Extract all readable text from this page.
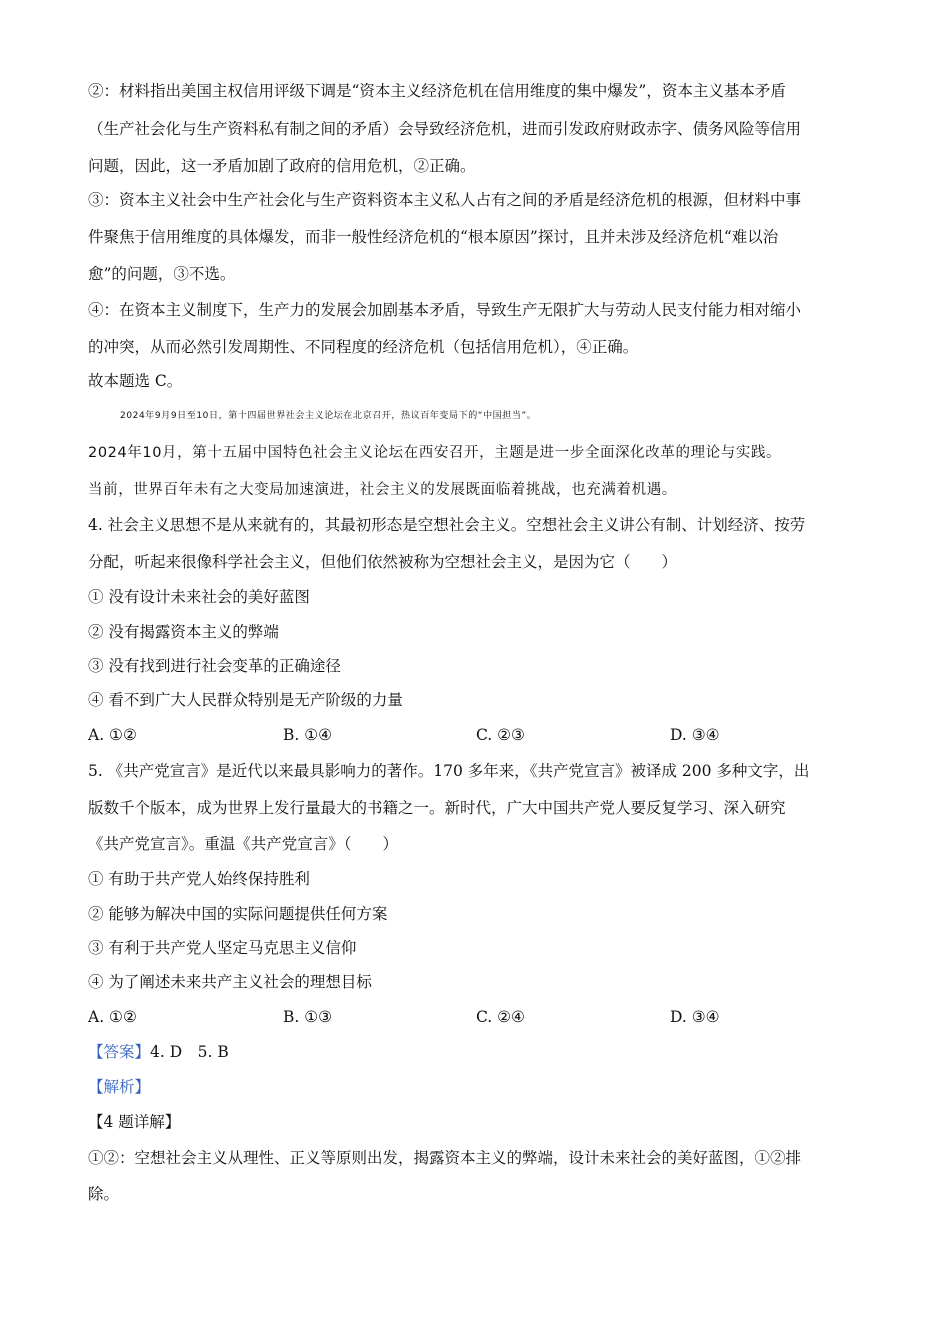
②：材料指出美国主权信用评级下调是“资本主义经济危机在信用维度的集中爆发”，资本主义基本矛盾
（生产社会化与生产资料私有制之间的矛盾）会导致经济危机，进而引发政府财政赤字、债务风险等信用
问题，因此，这一矛盾加剧了政府的信用危机，②正确。
③：资本主义社会中生产社会化与生产资料资本主义私人占有之间的矛盾是经济危机的根源，但材料中事
件聚焦于信用维度的具体爆发，而非一般性经济危机的“根本原因”探讨，且并未涉及经济危机“难以治
愈”的问题，③不选。
④：在资本主义制度下，生产力的发展会加剧基本矛盾，导致生产无限扩大与劳动人民支付能力相对缩小
的冲突，从而必然引发周期性、不同程度的经济危机（包括信用危机），④正确。
故本题选 C。
2024年9月9日至10日，第十四届世界社会主义论坛在北京召开，热议百年变局下的“中国担当”。
2024年10月，第十五届中国特色社会主义论坛在西安召开，主题是进一步全面深化改革的理论与实践。
当前，世界百年未有之大变局加速演进，社会主义的发展既面临着挑战，也充满着机遇。
4. 社会主义思想不是从来就有的，其最初形态是空想社会主义。空想社会主义讲公有制、计划经济、按劳
分配，听起来很像科学社会主义，但他们依然被称为空想社会主义，是因为它（　　）
① 没有设计未来社会的美好蓝图
② 没有揭露资本主义的弊端
③ 没有找到进行社会变革的正确途径
④ 看不到广大人民群众特别是无产阶级的力量
A. ①②	B. ①④	C. ②③	D. ③④
5. 《共产党宣言》是近代以来最具影响力的著作。170 多年来，《共产党宣言》被译成 200 多种文字，出
版数千个版本，成为世界上发行量最大的书籍之一。新时代，广大中国共产党人要反复学习、深入研究
《共产党宣言》。重温《共产党宣言》（　　）
① 有助于共产党人始终保持胜利
② 能够为解决中国的实际问题提供任何方案
③ 有利于共产党人坚定马克思主义信仰
④ 为了阐述未来共产主义社会的理想目标
A. ①②	B. ①③	C. ②④	D. ③④
【答案】4. D　5. B
【解析】
【4 题详解】
①②：空想社会主义从理性、正义等原则出发，揭露资本主义的弊端，设计未来社会的美好蓝图，①②排
除。
